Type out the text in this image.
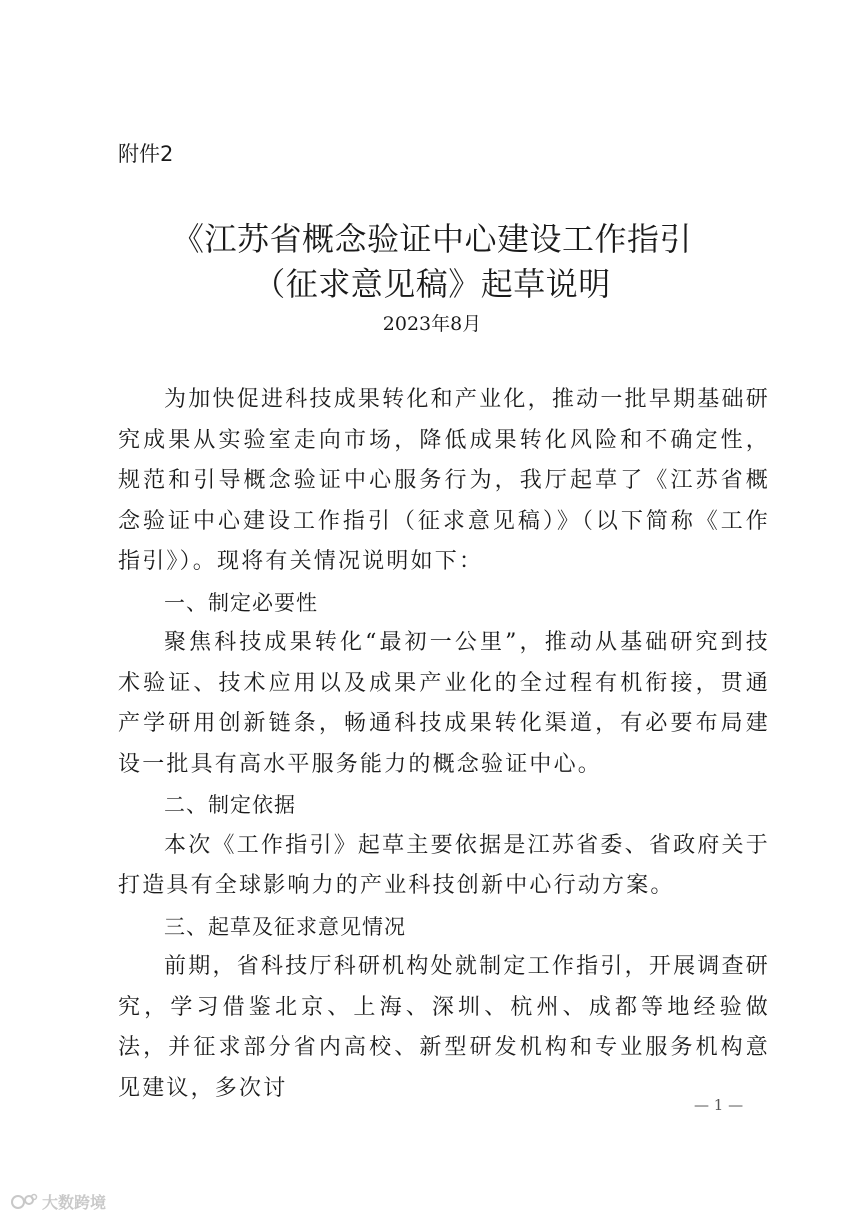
附件2
《江苏省概念验证中心建设工作指引
（征求意见稿》起草说明
2023年8月

为加快促进科技成果转化和产业化，推动一批早期基础研究成果从实验室走向市场，降低成果转化风险和不确定性，规范和引导概念验证中心服务行为，我厅起草了《江苏省概念验证中心建设工作指引（征求意见稿）》（以下简称《工作指引》）。现将有关情况说明如下：

一、制定必要性

聚焦科技成果转化“最初一公里”，推动从基础研究到技术验证、技术应用以及成果产业化的全过程有机衔接，贯通产学研用创新链条，畅通科技成果转化渠道，有必要布局建设一批具有高水平服务能力的概念验证中心。

二、制定依据

本次《工作指引》起草主要依据是江苏省委、省政府关于打造具有全球影响力的产业科技创新中心行动方案。

三、起草及征求意见情况

前期，省科技厅科研机构处就制定工作指引，开展调查研究，学习借鉴北京、上海、深圳、杭州、成都等地经验做法，并征求部分省内高校、新型研发机构和专业服务机构意见建议，多次讨

— 1 —
大数跨境
